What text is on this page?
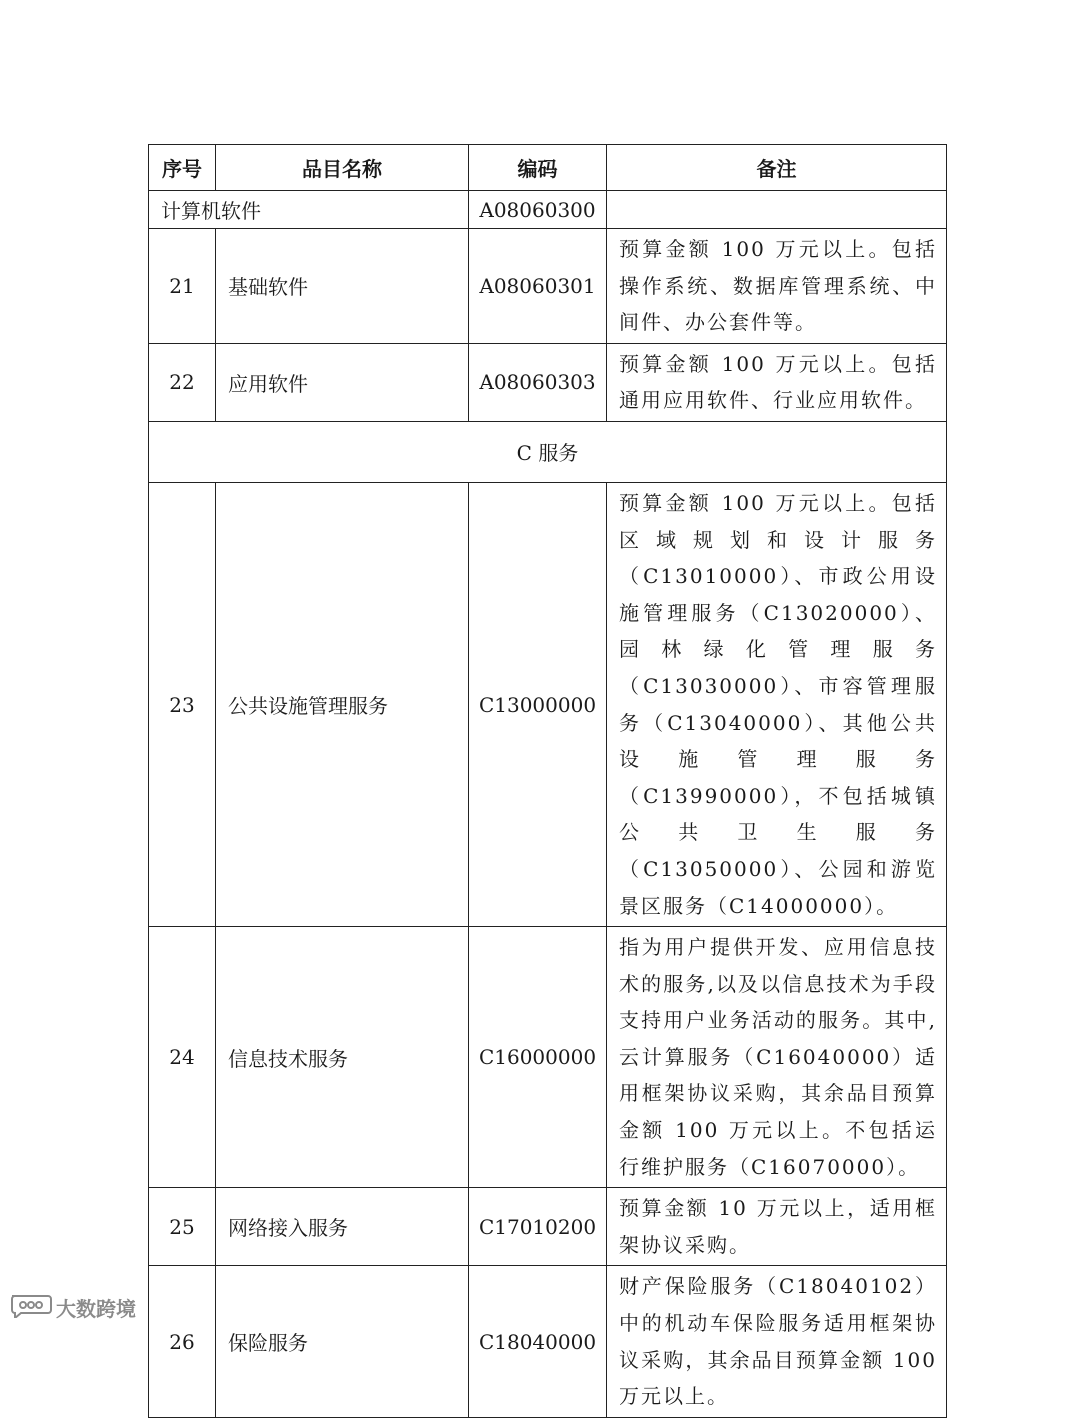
序号	品目名称	编码	备注
计算机软件		A08060300	
21	基础软件	A08060301	预算金额 100 万元以上。包括操作系统、数据库管理系统、中间件、办公套件等。
22	应用软件	A08060303	预算金额 100 万元以上。包括通用应用软件、行业应用软件。
C 服务			
23	公共设施管理服务	C13000000	预算金额 100 万元以上。包括区域规划和设计服务（C13010000）、市政公用设施管理服务（C13020000）、园林绿化管理服务（C13030000）、市容管理服务（C13040000）、其他公共设施管理服务（C13990000），不包括城镇公共卫生服务（C13050000）、公园和游览景区服务（C14000000）。
24	信息技术服务	C16000000	指为用户提供开发、应用信息技术的服务,以及以信息技术为手段支持用户业务活动的服务。其中,云计算服务（C16040000）适用框架协议采购，其余品目预算金额 100 万元以上。不包括运行维护服务（C16070000）。
25	网络接入服务	C17010200	预算金额 10 万元以上，适用框架协议采购。
26	保险服务	C18040000	财产保险服务（C18040102）中的机动车保险服务适用框架协议采购，其余品目预算金额 100 万元以上。
大数跨境
